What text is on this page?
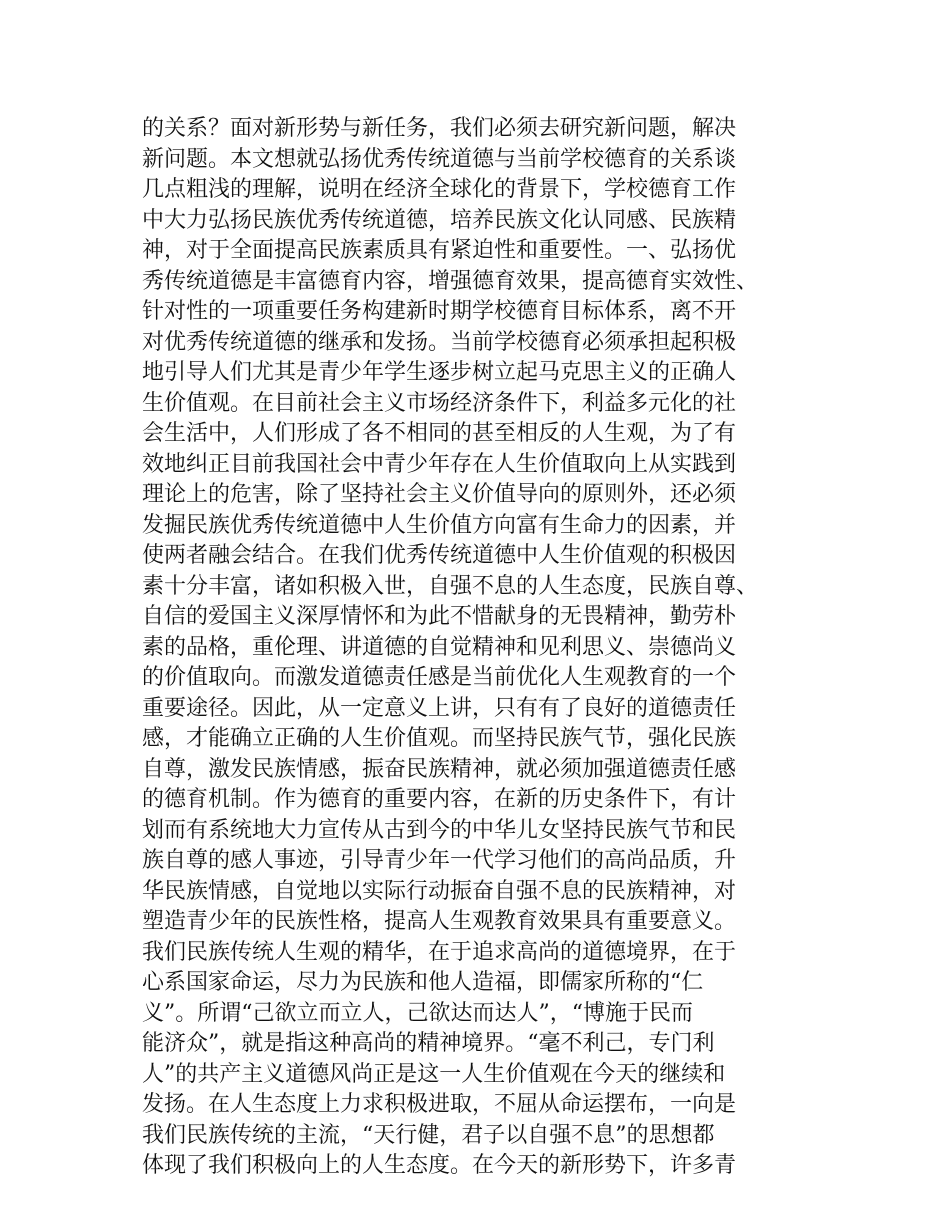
的关系？面对新形势与新任务，我们必须去研究新问题，解决
新问题。本文想就弘扬优秀传统道德与当前学校德育的关系谈
几点粗浅的理解，说明在经济全球化的背景下，学校德育工作
中大力弘扬民族优秀传统道德，培养民族文化认同感、民族精
神，对于全面提高民族素质具有紧迫性和重要性。一、弘扬优
秀传统道德是丰富德育内容，增强德育效果，提高德育实效性、
针对性的一项重要任务构建新时期学校德育目标体系，离不开
对优秀传统道德的继承和发扬。当前学校德育必须承担起积极
地引导人们尤其是青少年学生逐步树立起马克思主义的正确人
生价值观。在目前社会主义市场经济条件下，利益多元化的社
会生活中，人们形成了各不相同的甚至相反的人生观，为了有
效地纠正目前我国社会中青少年存在人生价值取向上从实践到
理论上的危害，除了坚持社会主义价值导向的原则外，还必须
发掘民族优秀传统道德中人生价值方向富有生命力的因素，并
使两者融会结合。在我们优秀传统道德中人生价值观的积极因
素十分丰富，诸如积极入世，自强不息的人生态度，民族自尊、
自信的爱国主义深厚情怀和为此不惜献身的无畏精神，勤劳朴
素的品格，重伦理、讲道德的自觉精神和见利思义、崇德尚义
的价值取向。而激发道德责任感是当前优化人生观教育的一个
重要途径。因此，从一定意义上讲，只有有了良好的道德责任
感，才能确立正确的人生价值观。而坚持民族气节，强化民族
自尊，激发民族情感，振奋民族精神，就必须加强道德责任感
的德育机制。作为德育的重要内容，在新的历史条件下，有计
划而有系统地大力宣传从古到今的中华儿女坚持民族气节和民
族自尊的感人事迹，引导青少年一代学习他们的高尚品质，升
华民族情感，自觉地以实际行动振奋自强不息的民族精神，对
塑造青少年的民族性格，提高人生观教育效果具有重要意义。
我们民族传统人生观的精华，在于追求高尚的道德境界，在于
心系国家命运，尽力为民族和他人造福，即儒家所称的“仁
义”。所谓“己欲立而立人，己欲达而达人”，“博施于民而
能济众”，就是指这种高尚的精神境界。“毫不利己，专门利
人”的共产主义道德风尚正是这一人生价值观在今天的继续和
发扬。在人生态度上力求积极进取，不屈从命运摆布，一向是
我们民族传统的主流，“天行健，君子以自强不息”的思想都
体现了我们积极向上的人生态度。在今天的新形势下，许多青
